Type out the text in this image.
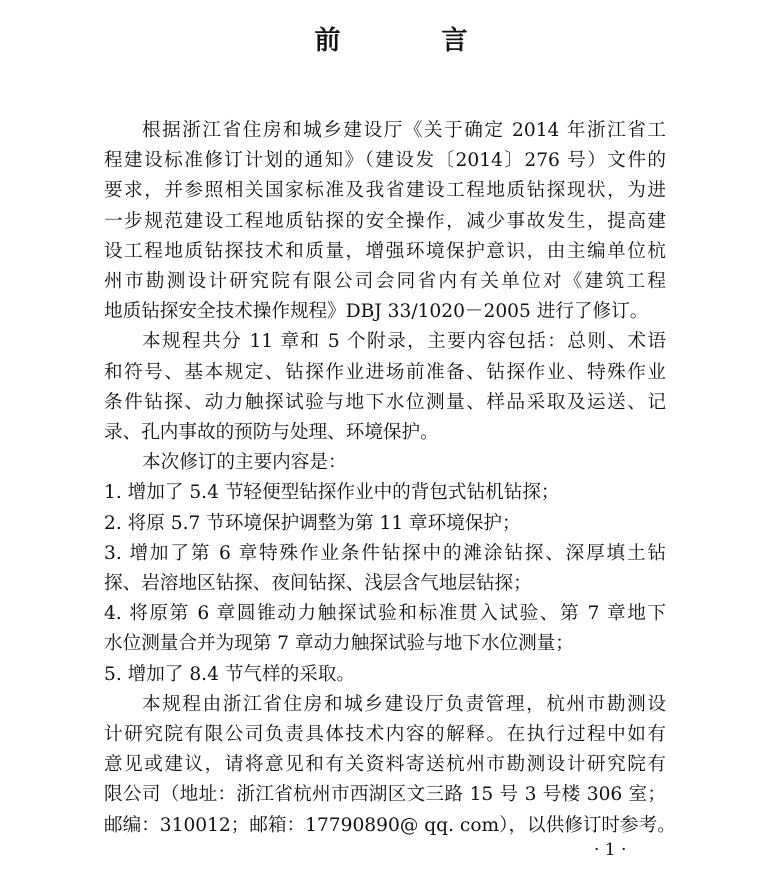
前 言

根据浙江省住房和城乡建设厅《关于确定 2014 年浙江省工
程建设标准修订计划的通知》（建设发〔2014〕276 号）文件的
要求，并参照相关国家标准及我省建设工程地质钻探现状，为进
一步规范建设工程地质钻探的安全操作，减少事故发生，提高建
设工程地质钻探技术和质量，增强环境保护意识，由主编单位杭
州市勘测设计研究院有限公司会同省内有关单位对《建筑工程
地质钻探安全技术操作规程》DBJ 33/1020－2005 进行了修订。

本规程共分 11 章和 5 个附录，主要内容包括：总则、术语
和符号、基本规定、钻探作业进场前准备、钻探作业、特殊作业
条件钻探、动力触探试验与地下水位测量、样品采取及运送、记
录、孔内事故的预防与处理、环境保护。

本次修订的主要内容是：

1. 增加了 5.4 节轻便型钻探作业中的背包式钻机钻探；

2. 将原 5.7 节环境保护调整为第 11 章环境保护；

3. 增加了第 6 章特殊作业条件钻探中的滩涂钻探、深厚填土钻
探、岩溶地区钻探、夜间钻探、浅层含气地层钻探；

4. 将原第 6 章圆锥动力触探试验和标准贯入试验、第 7 章地下
水位测量合并为现第 7 章动力触探试验与地下水位测量；

5. 增加了 8.4 节气样的采取。

本规程由浙江省住房和城乡建设厅负责管理，杭州市勘测设
计研究院有限公司负责具体技术内容的解释。在执行过程中如有
意见或建议，请将意见和有关资料寄送杭州市勘测设计研究院有
限公司（地址：浙江省杭州市西湖区文三路 15 号 3 号楼 306 室；
邮编：310012；邮箱：17790890@ qq. com），以供修订时参考。

· 1 ·
